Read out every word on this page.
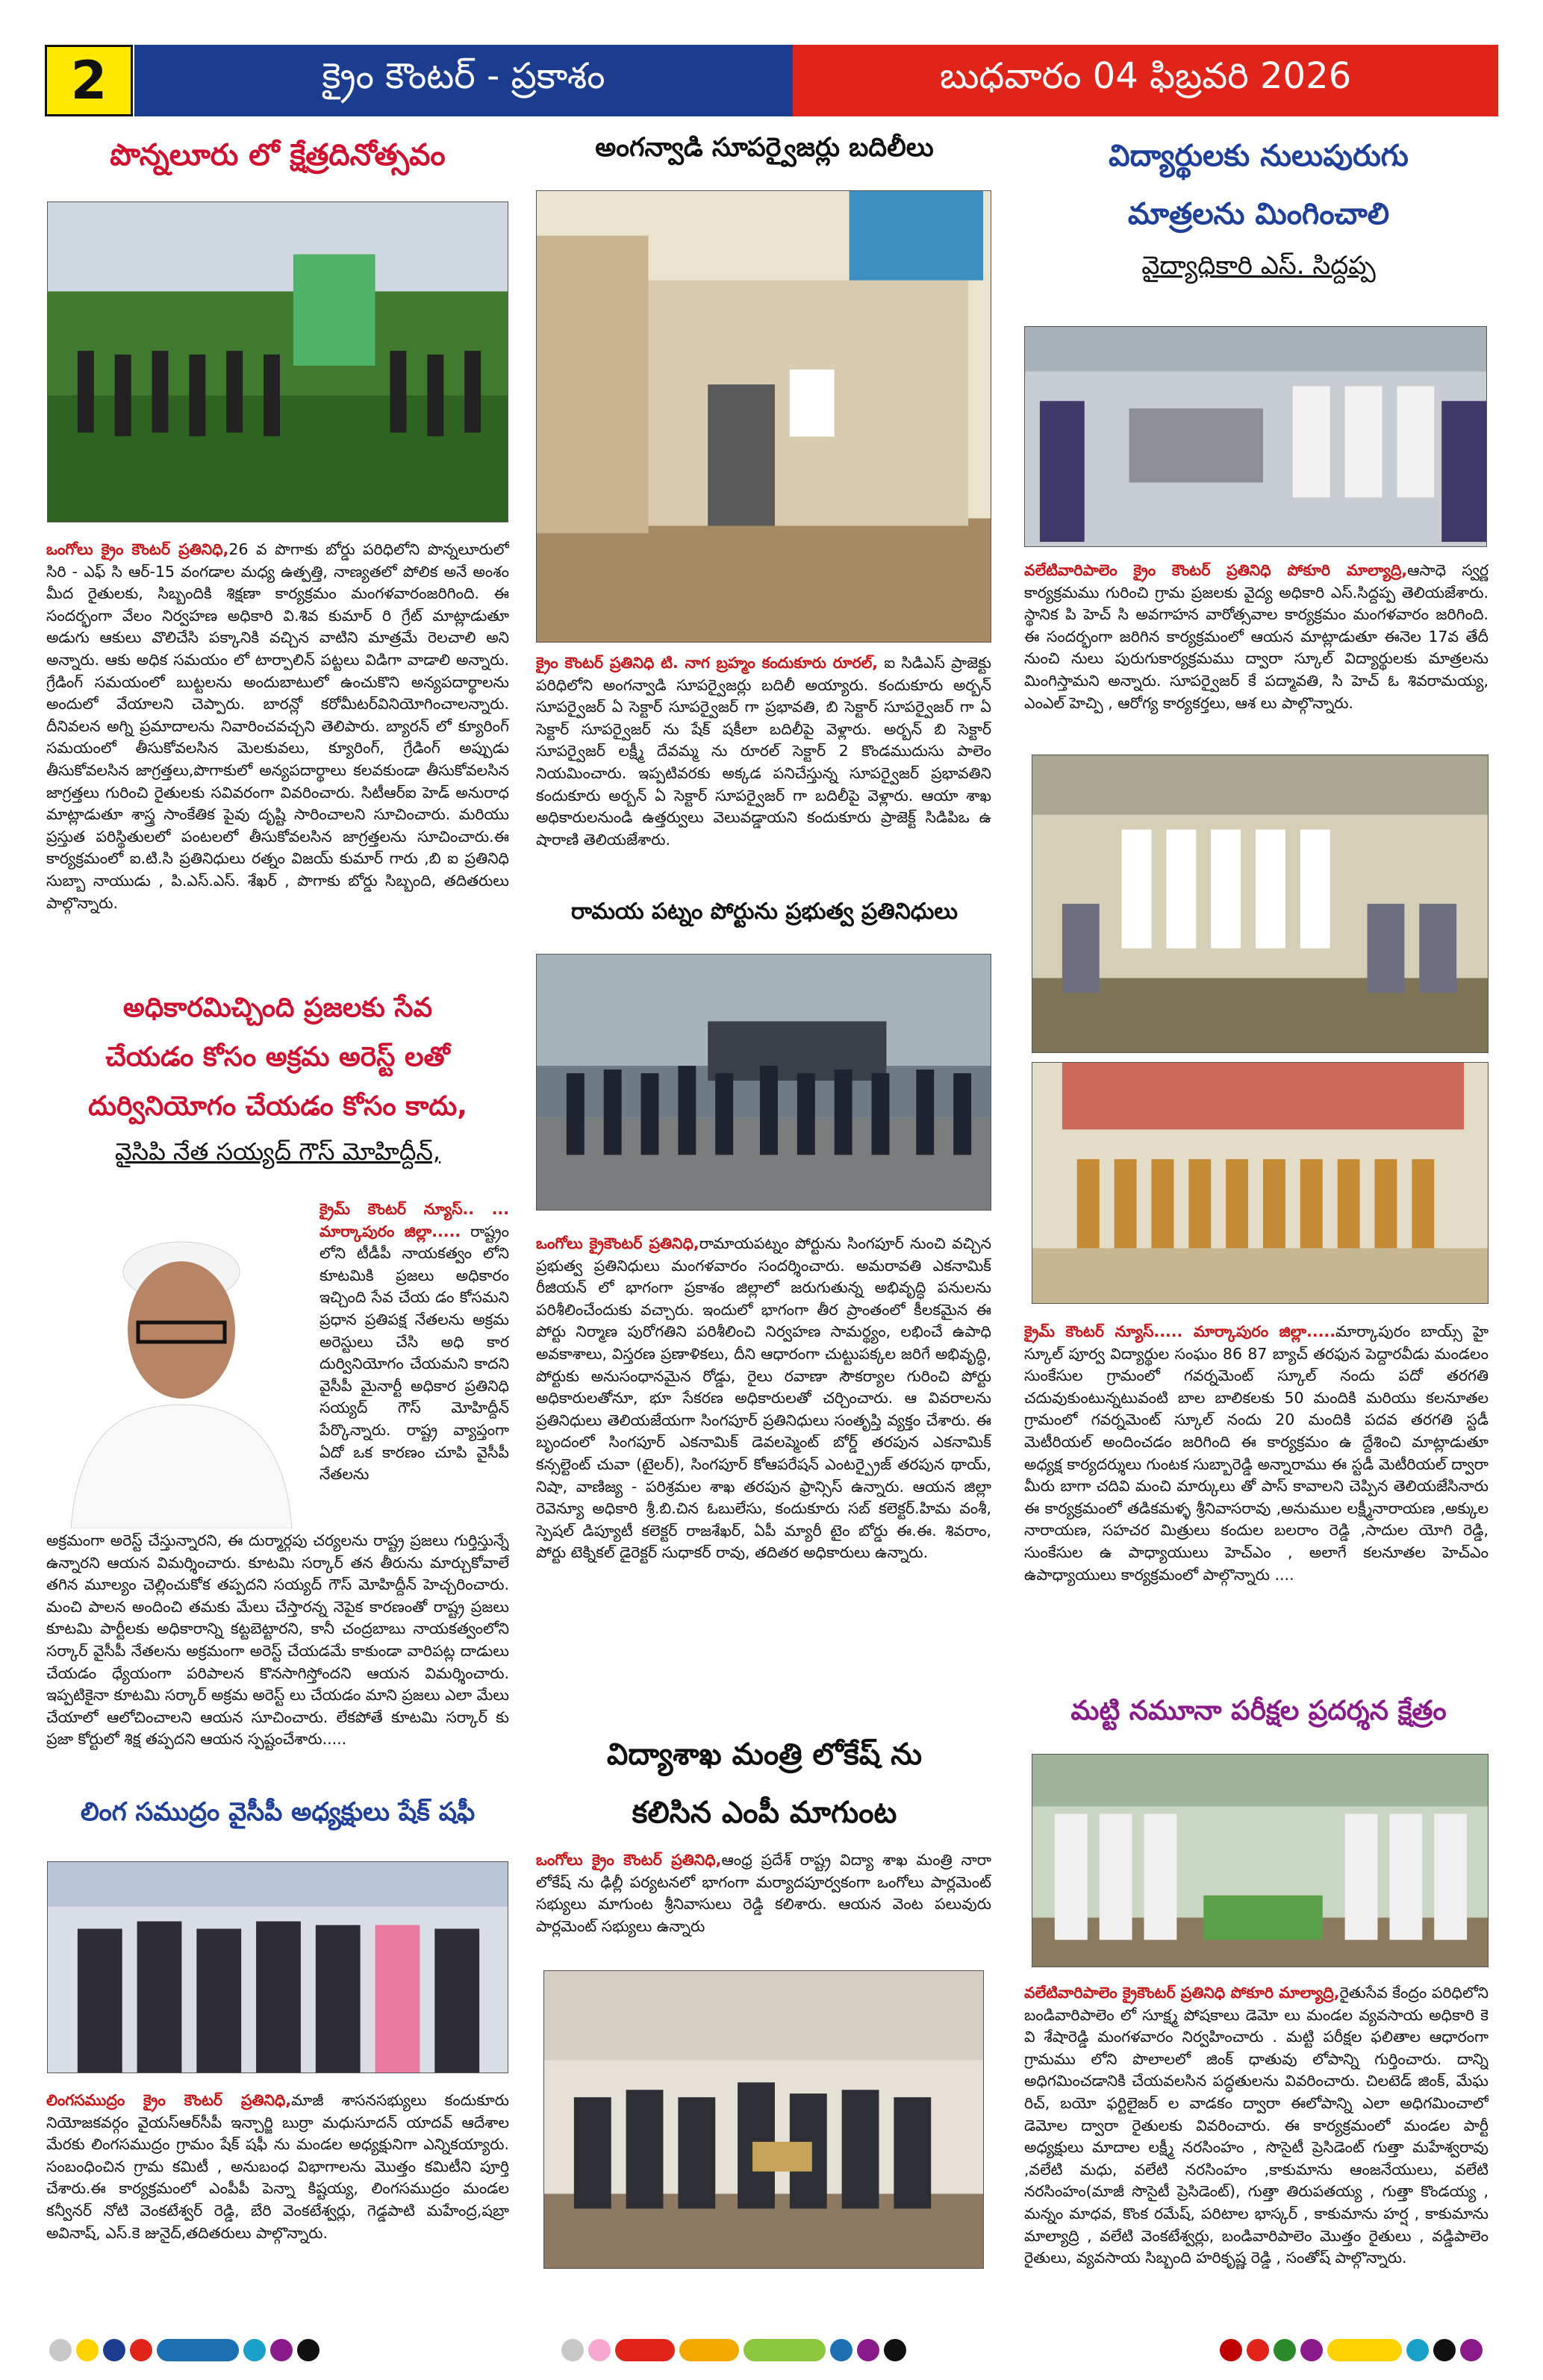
2	క్రైం కౌంటర్ - ప్రకాశం	బుధవారం 04 ఫిబ్రవరి 2026
పొన్నలూరు లో క్షేత్రదినోత్సవం
ఒంగోలు క్రైం కౌంటర్ ప్రతినిధి,26 వ పొగాకు బోర్డు పరిధిలోని పొన్నలూరులో సిరి - ఎఫ్ సి ఆర్-15 వంగడాల మధ్య ఉత్పత్తి, నాణ్యతలో పోలిక అనే అంశం మీద రైతులకు, సిబ్బందికి శిక్షణా కార్యక్రమం మంగళవారంజరిగింది. ఈ సందర్భంగా వేలం నిర్వహణ అధికారి వి.శివ కుమార్ రి గ్రేట్ మాట్లాడుతూ అడుగు ఆకులు వొలిచేసి పక్కానికి వచ్చిన వాటిని మాత్రమే రెలచాలి అని అన్నారు. ఆకు అధిక సమయం లో టార్పాలిన్ పట్టలు విడిగా వాడాలి అన్నారు. గ్రేడింగ్ సమయంలో బుట్టలను అందుబాటులో ఉంచుకొని అన్యపదార్థాలను అందులో వేయాలని చెప్పారు. బారన్లో కరోమీటర్‌‌వినియోగించాలన్నారు. దీనివలన అగ్ని ప్రమాదాలను నివారించవచ్చని తెలిపారు. బ్యారన్ లో క్యూరింగ్ సమయంలో తీసుకోవలసిన మెలకువలు, క్యూరింగ్, గ్రేడింగ్ అప్పుడు తీసుకోవలసిన జాగ్రత్తలు,పొగాకులో అన్యపదార్థాలు కలవకుండా తీసుకోవలసిన జాగ్రత్తలు గురించి రైతులకు సవివరంగా వివరించారు. సిటీఆర్ఐ హెడ్ అనురాధ మాట్లాడుతూ శాస్త్ర సాంకేతిక పైవు దృష్టి సారించాలని సూచించారు. మరియు ప్రస్తుత పరిస్థితులలో పంటలలో తీసుకోవలసిన జాగ్రత్తలను సూచించారు.ఈ కార్యక్రమంలో ఐ.టి.సి ప్రతినిధులు రత్నం విజయ్ కుమార్ గారు ,బి ఐ ప్రతినిధి సుబ్బా నాయుడు , పి.ఎస్.ఎస్. శేఖర్ , పొగాకు బోర్డు సిబ్బంది, తదితరులు పాల్గొన్నారు.
అధికారమిచ్చింది ప్రజలకు సేవ
చేయడం కోసం అక్రమ అరెస్ట్ లతో
దుర్వినియోగం చేయడం కోసం కాదు,
వైసిపి నేత సయ్యద్ గౌస్ మోహిద్దీన్,
క్రైమ్ కౌంటర్ న్యూస్.. ... మార్కాపురం జిల్లా..... రాష్ట్రం లోని టీడీపీ నాయకత్వం లోని కూటమికి ప్రజలు అధికారం ఇచ్చింది సేవ చేయ డం కోసమని ప్రధాన ప్రతిపక్ష నేతలను అక్రమ అరెస్టులు చేసి అధి కార దుర్వినియోగం చేయమని కాదని వైసీపీ మైనార్టీ అధికార ప్రతినిధి సయ్యద్ గౌస్ మోహిద్దీన్ పేర్కొన్నారు. రాష్ట్ర వ్యాప్తంగా ఏదో ఒక కారణం చూపి వైసీపీ నేతలను
అక్రమంగా అరెస్ట్ చేస్తున్నారని, ఈ దుర్మార్గపు చర్యలను రాష్ట్ర ప్రజలు గుర్తిస్తున్నే ఉన్నారని ఆయన విమర్శించారు. కూటమి సర్కార్ తన తీరును మార్చుకోవాలే తగిన మూల్యం చెల్లించుకోక తప్పదని సయ్యద్ గౌస్ మోహిద్దీన్ హెచ్చరించారు. మంచి పాలన అందించి తమకు మేలు చేస్తారన్న నెపైక కారణంతో రాష్ట్ర ప్రజలు కూటమి పార్టీలకు అధికారాన్ని కట్టబెట్టారని, కానీ చంద్రబాబు నాయకత్వంలోని సర్కార్ వైసీపీ నేతలను అక్రమంగా అరెస్ట్ చేయడమే కాకుండా వారిపట్ల దాడులు చేయడం ధ్యేయంగా పరిపాలన కొనసాగిస్తోందని ఆయన విమర్శించారు. ఇప్పటికైనా కూటమి సర్కార్ అక్రమ అరెస్ట్ లు చేయడం మాని ప్రజలు ఎలా మేలు చేయాలో ఆలోచించాలని ఆయన సూచించారు. లేకపోతే కూటమి సర్కార్ కు ప్రజా కోర్టులో శిక్ష తప్పదని ఆయన స్పష్టంచేశారు.....
లింగ సముద్రం వైసీపీ అధ్యక్షులు షేక్ షఫీ
లింగసముద్రం క్రైం కౌంటర్ ప్రతినిధి,మాజీ శాసనసభ్యులు కందుకూరు నియోజకవర్గం వైయస్ఆర్‌సీపీ ఇన్చార్జి బుర్రా మధుసూదన్ యాదవ్ ఆదేశాల మేరకు లింగసముద్రం గ్రామం షేక్ షఫీ ను మండల అధ్యక్షునిగా ఎన్నికయ్యారు. సంబంధించిన గ్రామ కమిటీ , అనుబంధ విభాగాలను మొత్తం కమిటీని పూర్తి చేశారు.ఈ కార్యక్రమంలో ఎంపీపీ పెన్నా కిష్టయ్య, లింగసముద్రం మండల కన్వీనర్ నోటి వెంకటేశ్వర్ రెడ్డి, బేరి వెంకటేశ్వర్లు, గెడ్డపాటి మహేంద్ర,షబ్రా అవినాష్, ఎస్.కె జునైద్,తదితరులు పాల్గొన్నారు.
అంగన్వాడి సూపర్వైజర్లు బదిలీలు
క్రైం కౌంటర్ ప్రతినిధి టి. నాగ బ్రహ్మం కందుకూరు రూరల్, ఐ సిడిఎస్ ప్రాజెక్టు పరిధిలోని అంగన్వాడి సూపర్వైజర్లు బదిలీ అయ్యారు. కందుకూరు అర్బన్ సూపర్వైజర్ ఏ సెక్టార్ సూపర్వైజర్ గా ప్రభావతి, బి సెక్టార్ సూపర్వైజర్ గా ఏ సెక్టార్ సూపర్వైజర్ ను షేక్ షకీలా బదిలీపై వెళ్లారు. అర్బన్ బి సెక్టార్ సూపర్వైజర్ లక్ష్మీ దేవమ్మ ను రూరల్ సెక్టార్ 2 కొండముదుసు పాలెం నియమించారు. ఇప్పటివరకు అక్కడ పనిచేస్తున్న సూపర్వైజర్ ప్రభావతిని కందుకూరు అర్బన్ ఏ సెక్టార్ సూపర్వైజర్ గా బదిలీపై వెళ్లారు. ఆయా శాఖ అధికారులనుండి ఉత్తర్వులు వెలువడ్డాయని కందుకూరు ప్రాజెక్ట్ సిడిపిఒ ఉ షారాణి తెలియజేశారు.
రామయ పట్నం పోర్టును ప్రభుత్వ ప్రతినిధులు
ఒంగోలు క్రైకౌంటర్ ప్రతినిధి,రామాయపట్నం పోర్టును సింగపూర్ నుంచి వచ్చిన ప్రభుత్వ ప్రతినిధులు మంగళవారం సందర్శించారు. అమరావతి ఎకనామిక్ రీజియన్ లో భాగంగా ప్రకాశం జిల్లాలో జరుగుతున్న అభివృద్ధి పనులను పరిశీలించేందుకు వచ్చారు. ఇందులో భాగంగా తీర ప్రాంతంలో కీలకమైన ఈ పోర్టు నిర్మాణ పురోగతిని పరిశీలించి నిర్వహణ సామర్థ్యం, లభించే ఉపాధి అవకాశాలు, విస్తరణ ప్రణాళికలు, దీని ఆధారంగా చుట్టుపక్కల జరిగే అభివృద్ధి, పోర్టుకు అనుసంధానమైన రోడ్డు, రైలు రవాణా సౌకర్యాల గురించి పోర్టు అధికారులతోనూ, భూ సేకరణ అధికారులతో చర్చించారు. ఆ వివరాలను ప్రతినిధులు తెలియజేయగా సింగపూర్ ప్రతినిధులు సంతృప్తి వ్యక్తం చేశారు. ఈ బృందంలో సింగపూర్ ఎకనామిక్ డెవలప్మెంట్ బోర్డ్ తరపున ఎకనామిక్ కన్సల్టెంట్ చువా (టైలర్), సింగపూర్ కోఆపరేషన్ ఎంటర్ప్రైజ్ తరపున థాయ్, నిషా, వాణిజ్య - పరిశ్రమల శాఖ తరపున ఫ్రాన్సిస్ ఉన్నారు. ఆయన జిల్లా రెవెన్యూ అధికారి శ్రీ.బి.చిన ఓబులేసు, కందుకూరు సబ్ కలెక్టర్.హిమ వంశీ, స్పెషల్ డిప్యూటీ కలెక్టర్ రాజశేఖర్, ఏపీ మ్యారీ టైం బోర్డు ఈ.ఈ. శివరాం, పోర్టు టెక్నికల్ డైరెక్టర్ సుధాకర్ రావు, తదితర అధికారులు ఉన్నారు.
విద్యాశాఖ మంత్రి లోకేష్ ను
కలిసిన ఎంపీ మాగుంట
ఒంగోలు క్రైం కౌంటర్ ప్రతినిధి,ఆంధ్ర ప్రదేశ్ రాష్ట్ర విద్యా శాఖ మంత్రి నారా లోకేష్ ను ఢిల్లీ పర్యటనలో భాగంగా మర్యాదపూర్వకంగా ఒంగోలు పార్లమెంట్ సభ్యులు మాగుంట శ్రీనివాసులు రెడ్డి కలిశారు. ఆయన వెంట పలువురు పార్లమెంట్ సభ్యులు ఉన్నారు
విద్యార్థులకు నులుపురుగు
మాత్రలను మింగించాలి
వైద్యాధికారి ఎస్. సిద్దప్ప
వలేటివారిపాలెం క్రైం కౌంటర్ ప్రతినిధి పోకూరి మాల్యాద్రి,ఆసాధె స్వర్ణ కార్యక్రమము గురించి గ్రామ ప్రజలకు వైద్య అధికారి ఎస్.సిద్దప్ప తెలియజేశారు. స్థానిక పి హెచ్ సి అవగాహన వారోత్సవాల కార్యక్రమం మంగళవారం జరిగింది. ఈ సందర్భంగా జరిగిన కార్యక్రమంలో ఆయన మాట్లాడుతూ ఈనెల 17వ తేదీ నుంచి నులు పురుగుకార్యక్రమము ద్వారా స్కూల్ విద్యార్థులకు మాత్రలను మింగిస్తామని అన్నారు. సూపర్వైజర్ కే పద్మావతి, సి హెచ్ ఓ శివరామయ్య, ఎంఎల్ హెచ్పి , ఆరోగ్య కార్యకర్తలు, ఆశ లు పాల్గొన్నారు.
క్రైమ్ కౌంటర్ న్యూస్..... మార్కాపురం జిల్లా.....మార్కాపురం బాయ్స్ హై స్కూల్ పూర్వ విద్యార్థుల సంఘం 86 87 బ్యాచ్ తరఫున పెద్దారవీడు మండలం సుంకేసుల గ్రామంలో గవర్నమెంట్ స్కూల్ నందు పదో తరగతి చదువుకుంటున్నటువంటి బాల బాలికలకు 50 మందికి మరియు కలనూతల గ్రామంలో గవర్నమెంట్ స్కూల్ నందు 20 మందికి పదవ తరగతి స్టడీ మెటీరియల్ అందించడం జరిగింది ఈ కార్యక్రమం ఉ ద్దేశించి మాట్లాడుతూ అధ్యక్ష కార్యదర్శులు గుంటక సుబ్బారెడ్డి అన్నారాము ఈ స్టడీ మెటీరియల్ ద్వారా మీరు బాగా చదివి మంచి మార్కులు తో పాస్ కావాలని చెప్పిన తెలియజేసినారు ఈ కార్యక్రమంలో తడికమళ్ళ శ్రీనివాసరావు ,అనుముల లక్ష్మీనారాయణ ,అక్కుల నారాయణ, సహచర మిత్రులు కందుల బలరాం రెడ్డి ,సాదుల యోగి రెడ్డి, సుంకేసుల ఉ పాధ్యాయులు హెచ్ఎం , అలాగే కలనూతల హెచ్ఎం ఉపాధ్యాయులు కార్యక్రమంలో పాల్గొన్నారు ....
మట్టి నమూనా పరీక్షల ప్రదర్శన క్షేత్రం
వలేటివారిపాలెం క్రైకౌంటర్ ప్రతినిధి పోకూరి మాల్యాద్రి,రైతుసేవ కేంద్రం పరిధిలోని బండివారిపాలెం లో సూక్ష్మ పోషకాలు డెమో లు మండల వ్యవసాయ అధికారి కె వి శేషారెడ్డి మంగళవారం నిర్వహించారు . మట్టి పరీక్షల ఫలితాల ఆధారంగా గ్రామము లోని పొలాలలో జింక్ ధాతువు లోపాన్ని గుర్తించారు. దాన్ని అధిగమించడానికి చేయవలసిన పద్ధతులను వివరించారు. చిలటెడ్ జింక్, మేఘ రిచ్, బయో ఫర్టిలైజర్ ల వాడకం ద్వారా ఈలోపాన్ని ఎలా అధిగమించాలో డెమోల ద్వారా రైతులకు వివరించారు. ఈ కార్యక్రమంలో మండల పార్టీ అధ్యక్షులు మాదాల లక్ష్మీ నరసింహం , సొసైటీ ప్రెసిడెంట్ గుత్తా మహేశ్వరావు ,వలేటి మధు, వలేటి నరసింహం ,కాకుమాను ఆంజనేయులు, వలేటి నరసింహం(మాజీ సొసైటీ ప్రెసిడెంట్), గుత్తా తిరుపతయ్య , గుత్తా కొండయ్య , మన్నం మాధవ, కొంక రమేష్, పరిటాల భాస్కర్ , కాకుమాను హర్ష , కాకుమాను మాల్యాద్రి , వలేటి వెంకటేశ్వర్లు, బండివారిపాలెం మొత్తం రైతులు , వడ్డిపాలెం రైతులు, వ్యవసాయ సిబ్బంది హరికృష్ణ రెడ్డి , సంతోష్ పాల్గొన్నారు.
